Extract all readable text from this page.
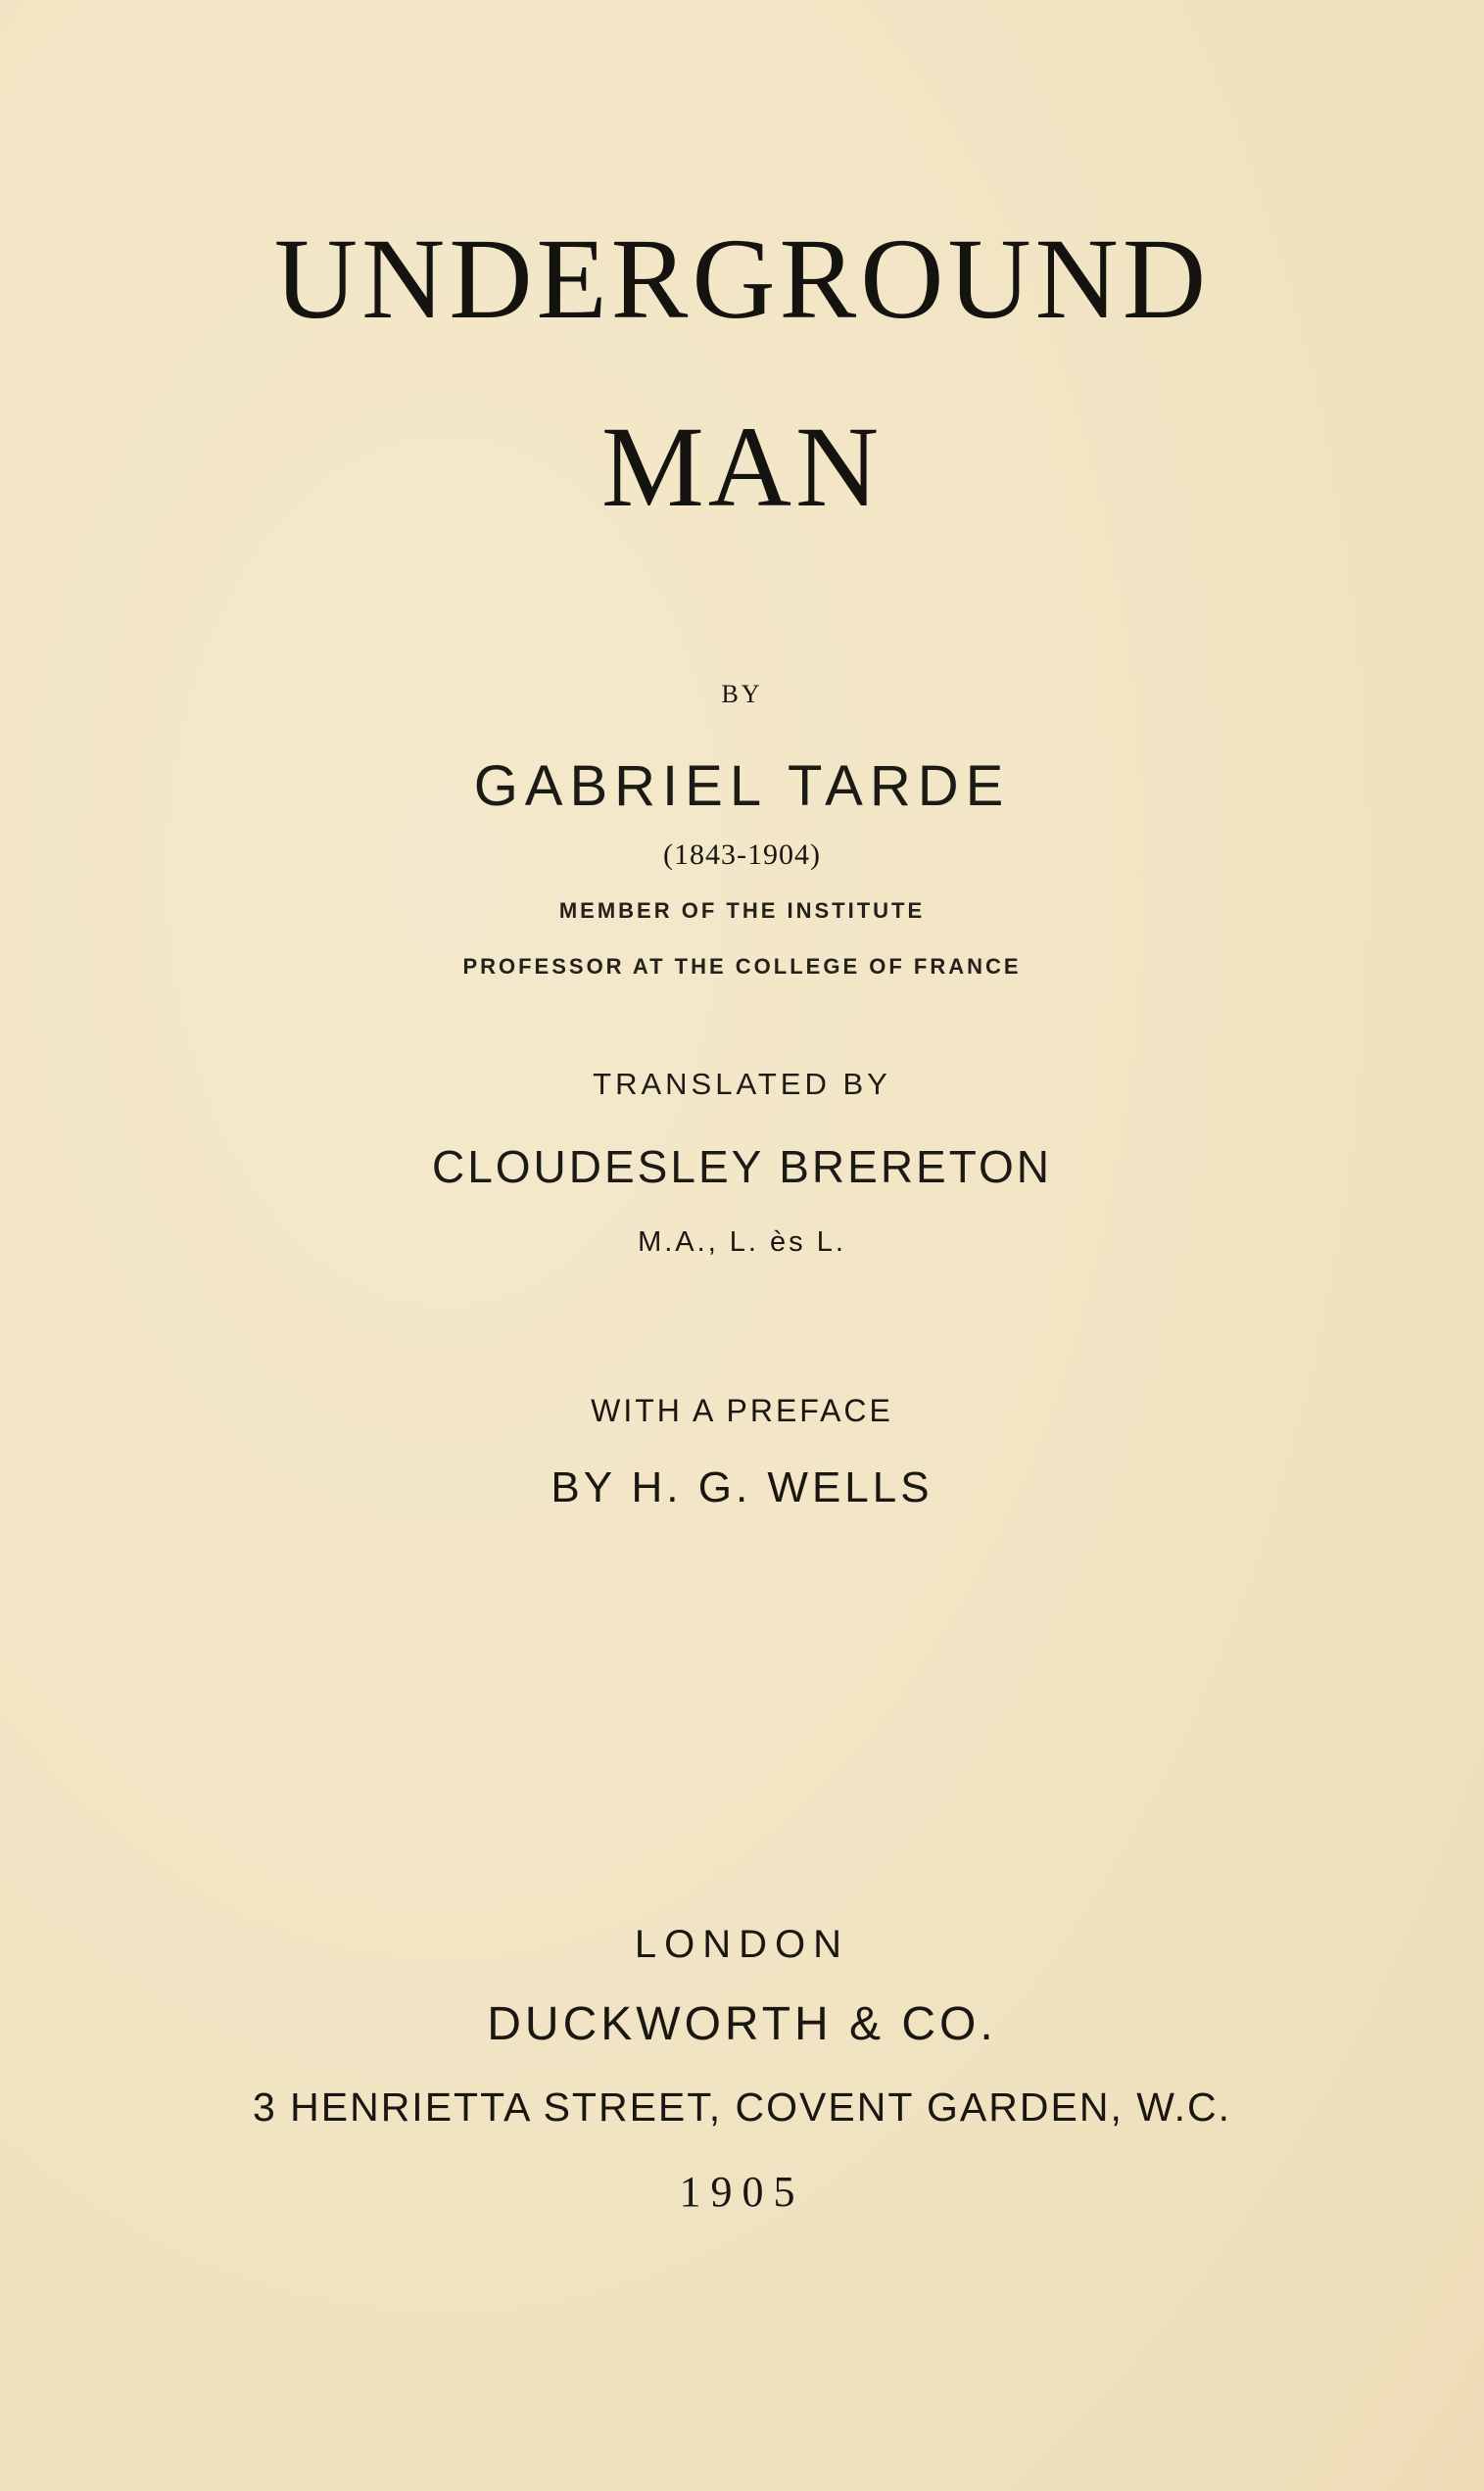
UNDERGROUND
MAN
BY
GABRIEL TARDE
(1843-1904)
MEMBER OF THE INSTITUTE
PROFESSOR AT THE COLLEGE OF FRANCE
TRANSLATED BY
CLOUDESLEY BRERETON
M.A., L. ès L.
WITH A PREFACE
BY H. G. WELLS
LONDON
DUCKWORTH & CO.
3 HENRIETTA STREET, COVENT GARDEN, W.C.
1905
